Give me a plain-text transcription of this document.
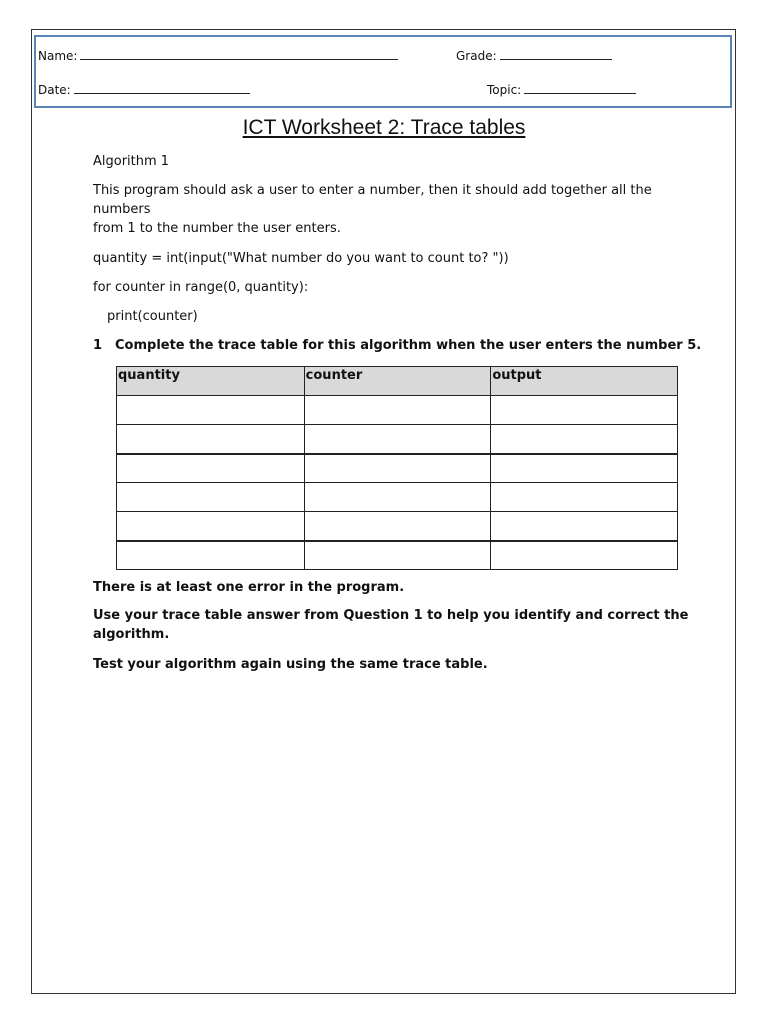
Name:	Grade:
Date:	Topic:
ICT Worksheet 2: Trace tables
Algorithm 1
This program should ask a user to enter a number, then it should add together all the
numbers
from 1 to the number the user enters.
quantity = int(input("What number do you want to count to? "))
for counter in range(0, quantity):
print(counter)
1 Complete the trace table for this algorithm when the user enters the number 5.
quantity	counter	output

There is at least one error in the program.
Use your trace table answer from Question 1 to help you identify and correct the
algorithm.
Test your algorithm again using the same trace table.
